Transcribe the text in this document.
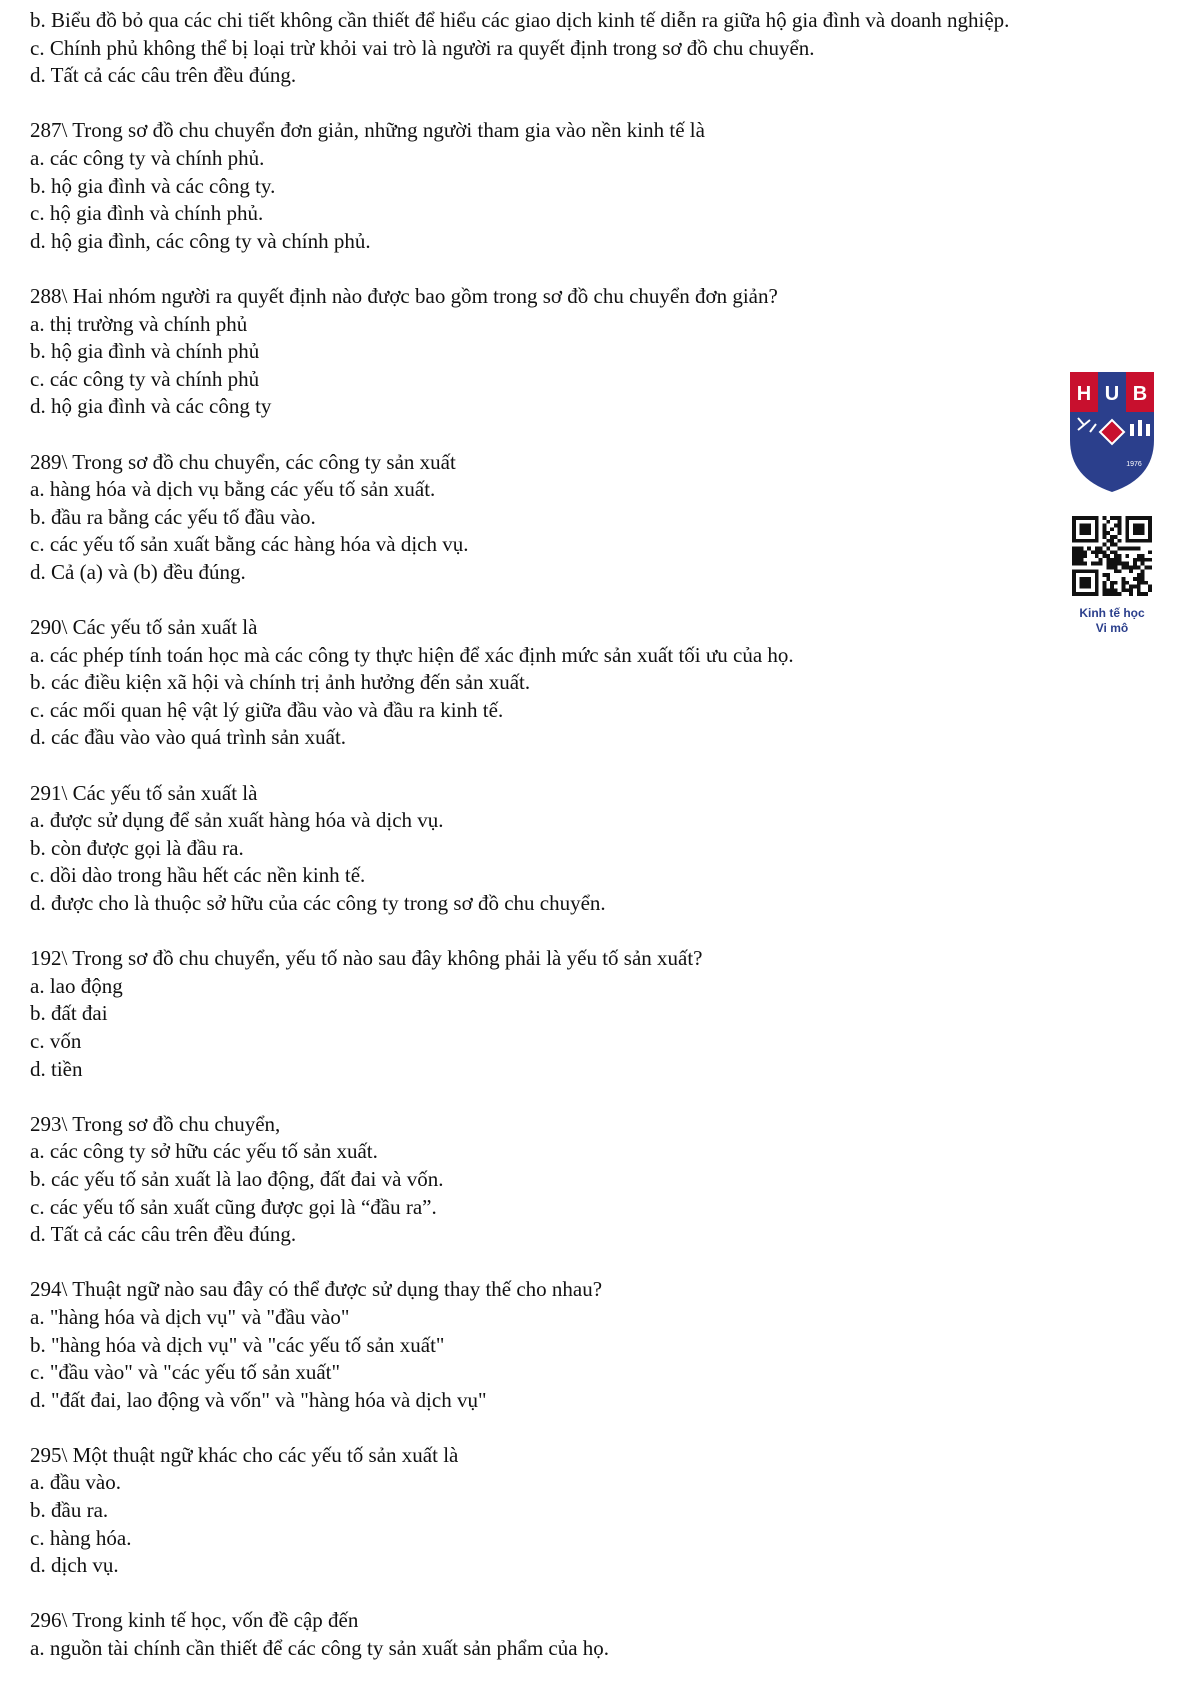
b. Biểu đồ bỏ qua các chi tiết không cần thiết để hiểu các giao dịch kinh tế diễn ra giữa hộ gia đình và doanh nghiệp.
c. Chính phủ không thể bị loại trừ khỏi vai trò là người ra quyết định trong sơ đồ chu chuyển.
d. Tất cả các câu trên đều đúng.
287\ Trong sơ đồ chu chuyển đơn giản, những người tham gia vào nền kinh tế là
a. các công ty và chính phủ.
b. hộ gia đình và các công ty.
c. hộ gia đình và chính phủ.
d. hộ gia đình, các công ty và chính phủ.
288\ Hai nhóm người ra quyết định nào được bao gồm trong sơ đồ chu chuyển đơn giản?
a. thị trường và chính phủ
b. hộ gia đình và chính phủ
c. các công ty và chính phủ
d. hộ gia đình và các công ty
289\ Trong sơ đồ chu chuyển, các công ty sản xuất
a. hàng hóa và dịch vụ bằng các yếu tố sản xuất.
b. đầu ra bằng các yếu tố đầu vào.
c. các yếu tố sản xuất bằng các hàng hóa và dịch vụ.
d. Cả (a) và (b) đều đúng.
290\ Các yếu tố sản xuất là
a. các phép tính toán học mà các công ty thực hiện để xác định mức sản xuất tối ưu của họ.
b. các điều kiện xã hội và chính trị ảnh hưởng đến sản xuất.
c. các mối quan hệ vật lý giữa đầu vào và đầu ra kinh tế.
d. các đầu vào vào quá trình sản xuất.
291\ Các yếu tố sản xuất là
a. được sử dụng để sản xuất hàng hóa và dịch vụ.
b. còn được gọi là đầu ra.
c. dồi dào trong hầu hết các nền kinh tế.
d. được cho là thuộc sở hữu của các công ty trong sơ đồ chu chuyển.
192\ Trong sơ đồ chu chuyển, yếu tố nào sau đây không phải là yếu tố sản xuất?
a. lao động
b. đất đai
c. vốn
d. tiền
293\ Trong sơ đồ chu chuyển,
a. các công ty sở hữu các yếu tố sản xuất.
b. các yếu tố sản xuất là lao động, đất đai và vốn.
c. các yếu tố sản xuất cũng được gọi là “đầu ra”.
d. Tất cả các câu trên đều đúng.
294\ Thuật ngữ nào sau đây có thể được sử dụng thay thế cho nhau?
a. "hàng hóa và dịch vụ" và "đầu vào"
b. "hàng hóa và dịch vụ" và "các yếu tố sản xuất"
c. "đầu vào" và "các yếu tố sản xuất"
d. "đất đai, lao động và vốn" và "hàng hóa và dịch vụ"
295\ Một thuật ngữ khác cho các yếu tố sản xuất là
a. đầu vào.
b. đầu ra.
c. hàng hóa.
d. dịch vụ.
296\ Trong kinh tế học, vốn đề cập đến
a. nguồn tài chính cần thiết để các công ty sản xuất sản phẩm của họ.
H U B
1976
Kinh tế học
Vi mô
